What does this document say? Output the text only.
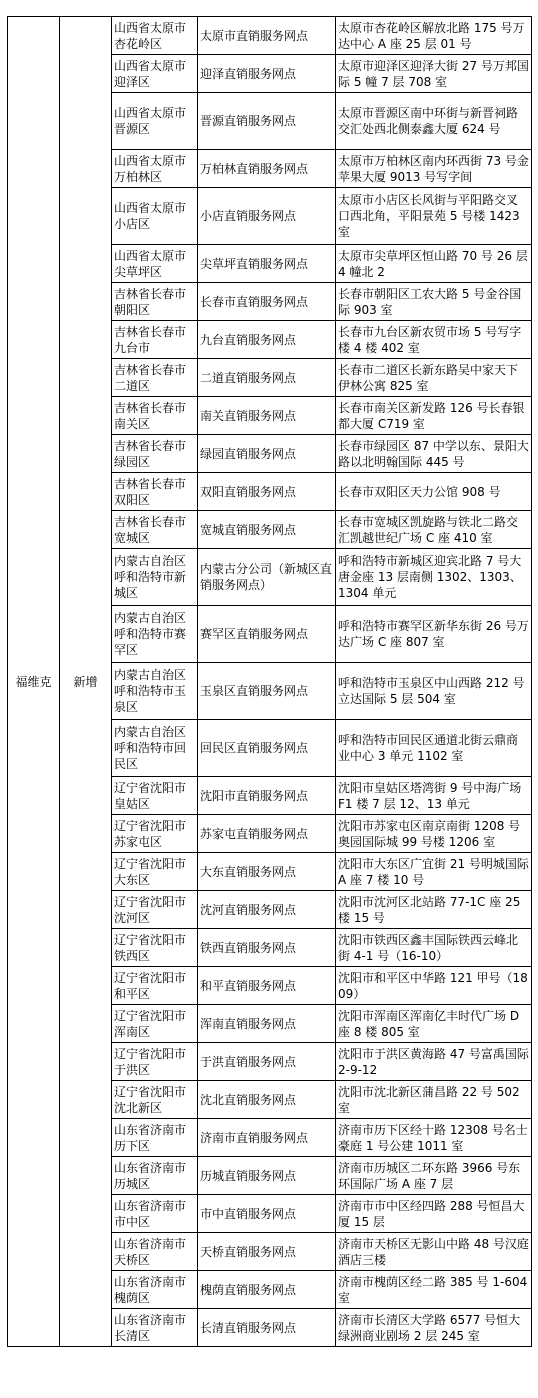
福维克	新增	山西省太原市杏花岭区	太原市直销服务网点	太原市杏花岭区解放北路 175 号万达中心 A 座 25 层 01 号
		山西省太原市迎泽区	迎泽直销服务网点	太原市迎泽区迎泽大街 27 号万邦国际 5 幢 7 层 708 室
		山西省太原市晋源区	晋源直销服务网点	太原市晋源区南中环街与新晋祠路交汇处西北侧泰鑫大厦 624 号
		山西省太原市万柏林区	万柏林直销服务网点	太原市万柏林区南内环西街 73 号金苹果大厦 9013 号写字间
		山西省太原市小店区	小店直销服务网点	太原市小店区长风街与平阳路交叉口西北角，平阳景苑 5 号楼 1423 室
		山西省太原市尖草坪区	尖草坪直销服务网点	太原市尖草坪区恒山路 70 号 26 层 4 幢北 2
		吉林省长春市朝阳区	长春市直销服务网点	长春市朝阳区工农大路 5 号金谷国际 903 室
		吉林省长春市九台市	九台直销服务网点	长春市九台区新农贸市场 5 号写字楼 4 楼 402 室
		吉林省长春市二道区	二道直销服务网点	长春市二道区长新东路吴中家天下伊林公寓 825 室
		吉林省长春市南关区	南关直销服务网点	长春市南关区新发路 126 号长春银都大厦 C719 室
		吉林省长春市绿园区	绿园直销服务网点	长春市绿园区 87 中学以东、景阳大路以北明翰国际 445 号
		吉林省长春市双阳区	双阳直销服务网点	长春市双阳区天力公馆 908 号
		吉林省长春市宽城区	宽城直销服务网点	长春市宽城区凯旋路与铁北二路交汇凯越世纪广场 C 座 410 室
		内蒙古自治区呼和浩特市新城区	内蒙古分公司（新城区直销服务网点）	呼和浩特市新城区迎宾北路 7 号大唐金座 13 层南侧 1302、1303、1304 单元
		内蒙古自治区呼和浩特市赛罕区	赛罕区直销服务网点	呼和浩特市赛罕区新华东街 26 号万达广场 C 座 807 室
		内蒙古自治区呼和浩特市玉泉区	玉泉区直销服务网点	呼和浩特市玉泉区中山西路 212 号立达国际 5 层 504 室
		内蒙古自治区呼和浩特市回民区	回民区直销服务网点	呼和浩特市回民区通道北街云鼎商业中心 3 单元 1102 室
		辽宁省沈阳市皇姑区	沈阳市直销服务网点	沈阳市皇姑区塔湾街 9 号中海广场 F1 楼 7 层 12、13 单元
		辽宁省沈阳市苏家屯区	苏家屯直销服务网点	沈阳市苏家屯区南京南街 1208 号奥园国际城 99 号楼 1206 室
		辽宁省沈阳市大东区	大东直销服务网点	沈阳市大东区广宜街 21 号明城国际 A 座 7 楼 10 号
		辽宁省沈阳市沈河区	沈河直销服务网点	沈阳市沈河区北站路 77-1C 座 25 楼 15 号
		辽宁省沈阳市铁西区	铁西直销服务网点	沈阳市铁西区鑫丰国际铁西云峰北街 4-1 号（16-10）
		辽宁省沈阳市和平区	和平直销服务网点	沈阳市和平区中华路 121 甲号（1809）
		辽宁省沈阳市浑南区	浑南直销服务网点	沈阳市浑南区浑南亿丰时代广场 D 座 8 楼 805 室
		辽宁省沈阳市于洪区	于洪直销服务网点	沈阳市于洪区黄海路 47 号富禹国际 2-9-12
		辽宁省沈阳市沈北新区	沈北直销服务网点	沈阳市沈北新区蒲昌路 22 号 502 室
		山东省济南市历下区	济南市直销服务网点	济南市历下区经十路 12308 号名士豪庭 1 号公建 1011 室
		山东省济南市历城区	历城直销服务网点	济南市历城区二环东路 3966 号东环国际广场 A 座 7 层
		山东省济南市市中区	市中直销服务网点	济南市市中区经四路 288 号恒昌大厦 15 层
		山东省济南市天桥区	天桥直销服务网点	济南市天桥区无影山中路 48 号汉庭酒店三楼
		山东省济南市槐荫区	槐荫直销服务网点	济南市槐荫区经二路 385 号 1-604 室
		山东省济南市长清区	长清直销服务网点	济南市长清区大学路 6577 号恒大绿洲商业剧场 2 层 245 室
